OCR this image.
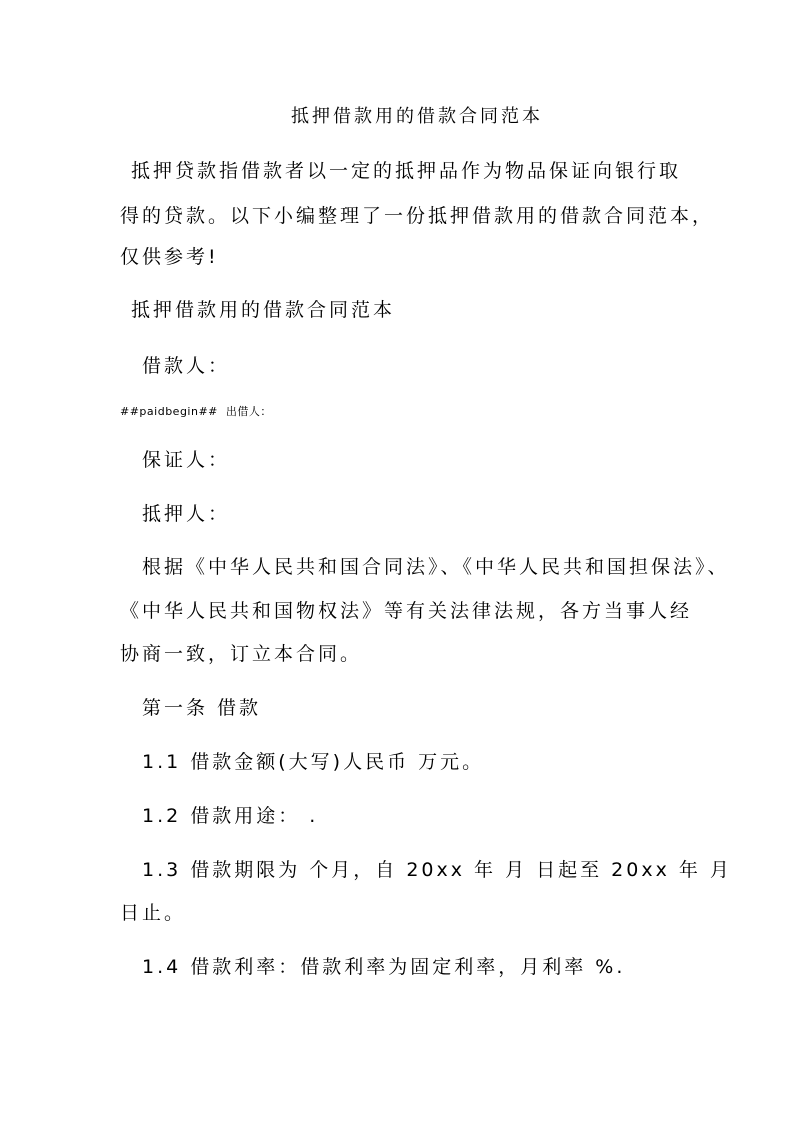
抵押借款用的借款合同范本
抵押贷款指借款者以一定的抵押品作为物品保证向银行取
得的贷款。以下小编整理了一份抵押借款用的借款合同范本，
仅供参考!
抵押借款用的借款合同范本
借款人：
##paidbegin## 出借人：
保证人：
抵押人：
根据《中华人民共和国合同法》、《中华人民共和国担保法》、
《中华人民共和国物权法》等有关法律法规，各方当事人经
协商一致，订立本合同。
第一条 借款
1.1 借款金额(大写)人民币 万元。
1.2 借款用途： .
1.3 借款期限为 个月，自 20xx 年 月 日起至 20xx 年 月
日止。
1.4 借款利率：借款利率为固定利率，月利率 %.
